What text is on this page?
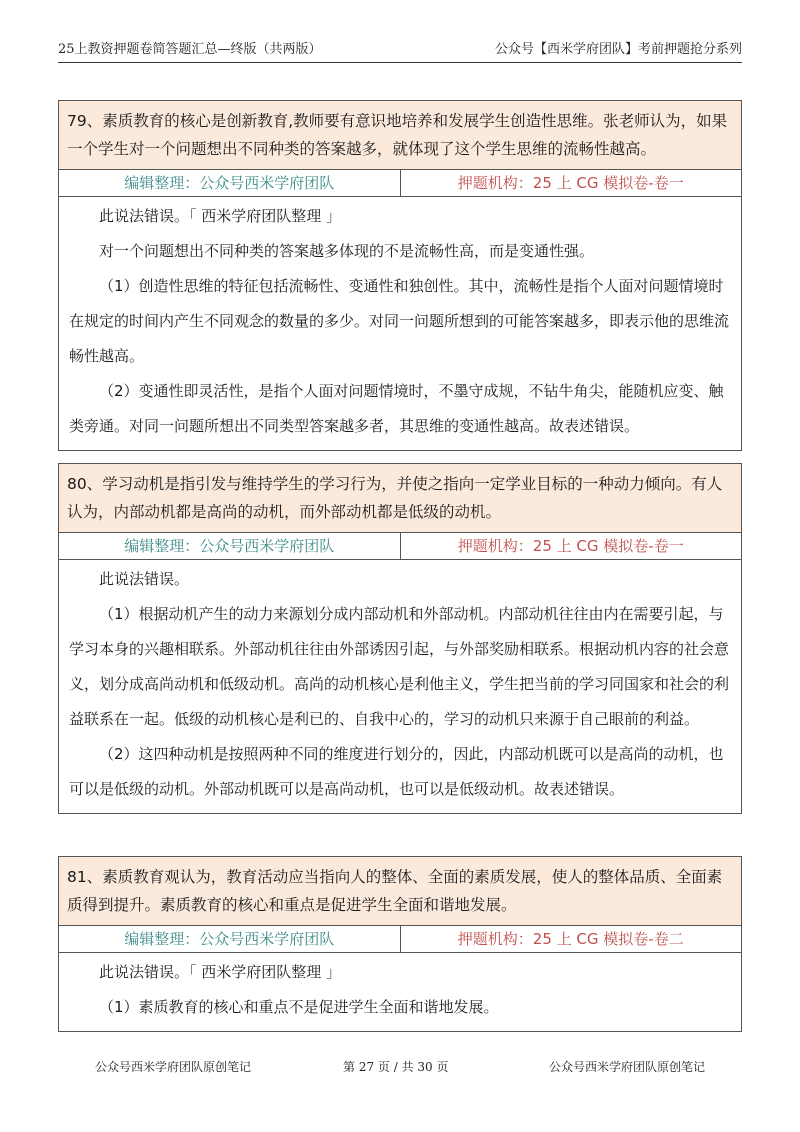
25上教资押题卷简答题汇总—终版（共两版）	公众号【西米学府团队】考前押题抢分系列
79、素质教育的核心是创新教育,教师要有意识地培养和发展学生创造性思维。张老师认为，如果一个学生对一个问题想出不同种类的答案越多，就体现了这个学生思维的流畅性越高。
编辑整理：公众号西米学府团队	押题机构：25 上 CG 模拟卷-卷一

此说法错误。「 西米学府团队整理 」

对一个问题想出不同种类的答案越多体现的不是流畅性高，而是变通性强。

（1）创造性思维的特征包括流畅性、变通性和独创性。其中，流畅性是指个人面对问题情境时在规定的时间内产生不同观念的数量的多少。对同一问题所想到的可能答案越多，即表示他的思维流畅性越高。

（2）变通性即灵活性，是指个人面对问题情境时，不墨守成规，不钻牛角尖，能随机应变、触类旁通。对同一问题所想出不同类型答案越多者，其思维的变通性越高。故表述错误。

80、学习动机是指引发与维持学生的学习行为，并使之指向一定学业目标的一种动力倾向。有人认为，内部动机都是高尚的动机，而外部动机都是低级的动机。
编辑整理：公众号西米学府团队	押题机构：25 上 CG 模拟卷-卷一

此说法错误。

（1）根据动机产生的动力来源划分成内部动机和外部动机。内部动机往往由内在需要引起，与学习本身的兴趣相联系。外部动机往往由外部诱因引起，与外部奖励相联系。根据动机内容的社会意义，划分成高尚动机和低级动机。高尚的动机核心是利他主义，学生把当前的学习同国家和社会的利益联系在一起。低级的动机核心是利已的、自我中心的，学习的动机只来源于自己眼前的利益。

（2）这四种动机是按照两种不同的维度进行划分的，因此，内部动机既可以是高尚的动机，也可以是低级的动机。外部动机既可以是高尚动机，也可以是低级动机。故表述错误。

81、素质教育观认为，教育活动应当指向人的整体、全面的素质发展，使人的整体品质、全面素质得到提升。素质教育的核心和重点是促进学生全面和谐地发展。
编辑整理：公众号西米学府团队	押题机构：25 上 CG 模拟卷-卷二

此说法错误。「 西米学府团队整理 」

（1）素质教育的核心和重点不是促进学生全面和谐地发展。

公众号西米学府团队原创笔记	第 27 页 / 共 30 页	公众号西米学府团队原创笔记
